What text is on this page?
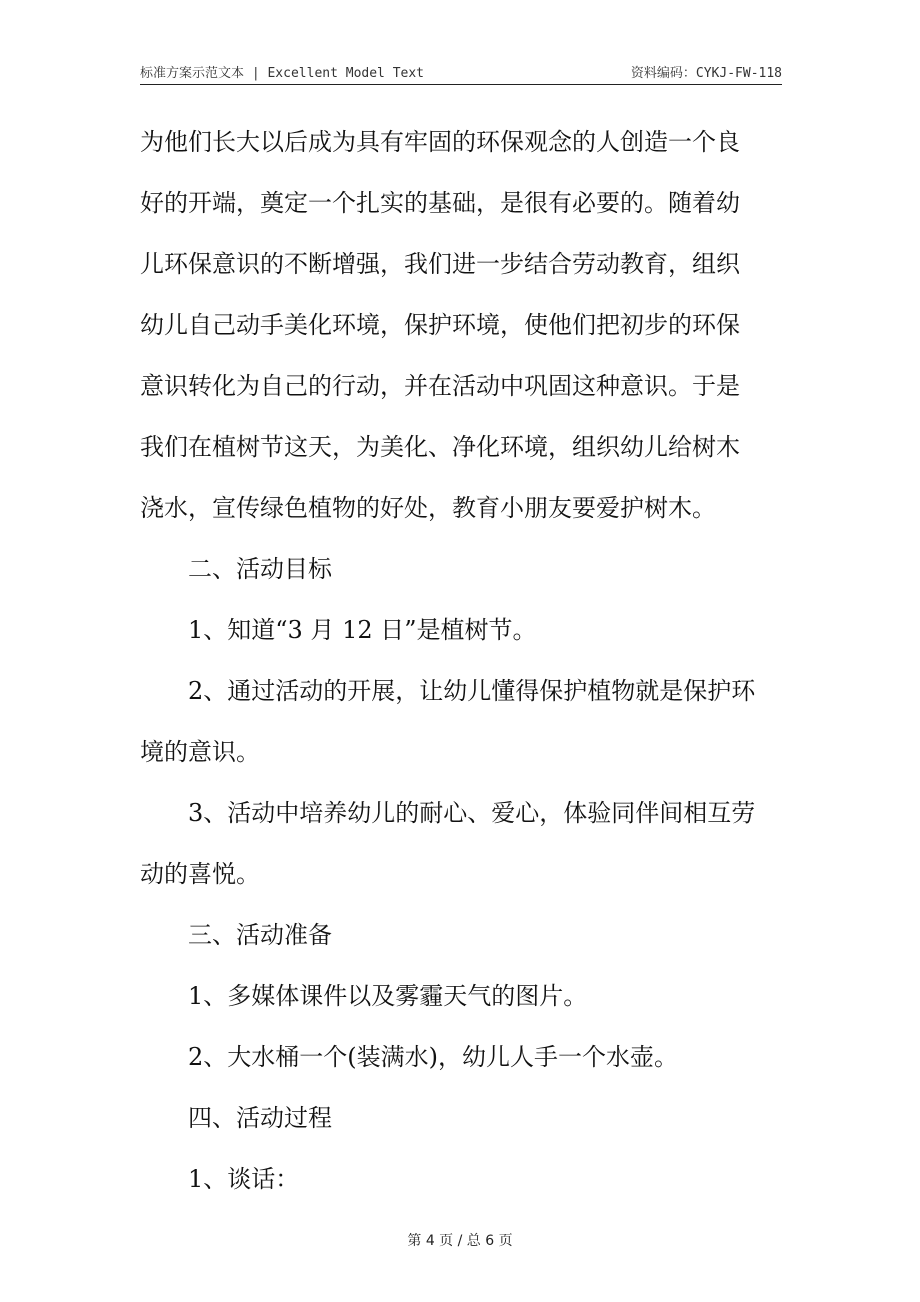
标准方案示范文本 | Excellent Model Text	资料编码：CYKJ-FW-118

为他们长大以后成为具有牢固的环保观念的人创造一个良

好的开端，奠定一个扎实的基础，是很有必要的。随着幼

儿环保意识的不断增强，我们进一步结合劳动教育，组织

幼儿自己动手美化环境，保护环境，使他们把初步的环保

意识转化为自己的行动，并在活动中巩固这种意识。于是

我们在植树节这天，为美化、净化环境，组织幼儿给树木

浇水，宣传绿色植物的好处，教育小朋友要爱护树木。

二、活动目标

1、知道“3 月 12 日”是植树节。

2、通过活动的开展，让幼儿懂得保护植物就是保护环

境的意识。

3、活动中培养幼儿的耐心、爱心，体验同伴间相互劳

动的喜悦。

三、活动准备

1、多媒体课件以及雾霾天气的图片。

2、大水桶一个(装满水)，幼儿人手一个水壶。

四、活动过程

1、谈话：

第 4 页 / 总 6 页
